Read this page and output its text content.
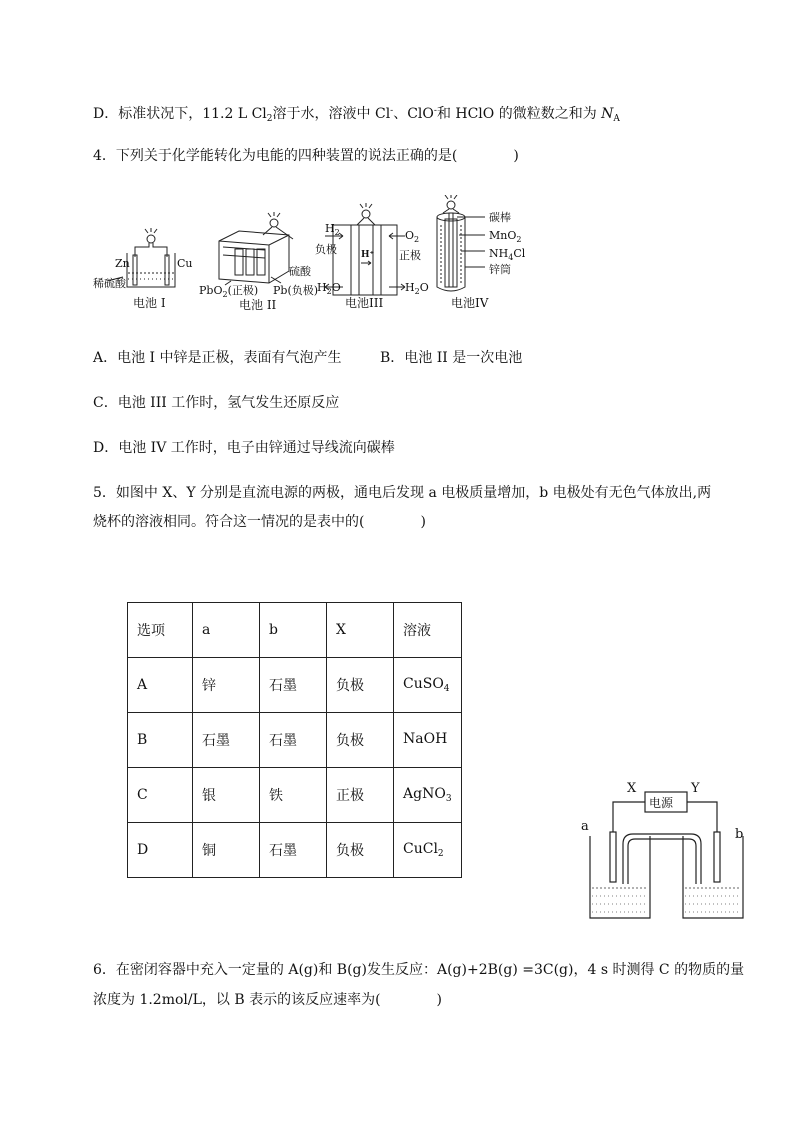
D．标准状况下，11.2 L $Cl_2$溶于水，溶液中 Cl-、ClO-和 HClO 的微粒数之和为 $N_A$
4．下列关于化学能转化为电能的四种装置的说法正确的是(　　　　)
Zn	Cu
稀硫酸
电池 I
PbO$_2$(正极) Pb(负极)
硫酸
电池 II
$H_2$
负极	H⁺
$O_2$
正极
$H_2O$	$H_2O$
电池III
碳棒
MnO$_2$
$NH_4Cl$
锌筒
电池IV
A．电池 I 中锌是正极，表面有气泡产生	B．电池 II 是一次电池
C．电池 III 工作时，氢气发生还原反应
D．电池 IV 工作时，电子由锌通过导线流向碳棒
5．如图中 X、Y 分别是直流电源的两极，通电后发现 a 电极质量增加，b 电极处有无色气体放出,两
烧杯的溶液相同。符合这一情况的是表中的(　　　　)
选项	a	b	X	溶液
A	锌	石墨	负极	CuSO$_4$
B	石墨	石墨	负极	NaOH
C	银	铁	正极	AgNO$_3$
D	铜	石墨	负极	CuCl$_2$
X	Y
电源
a
b
6．在密闭容器中充入一定量的 A(g)和 B(g)发生反应：A(g)+2B(g) =3C(g)，4 s 时测得 C 的物质的量
浓度为 1.2mol/L，以 B 表示的该反应速率为(　　　　)
